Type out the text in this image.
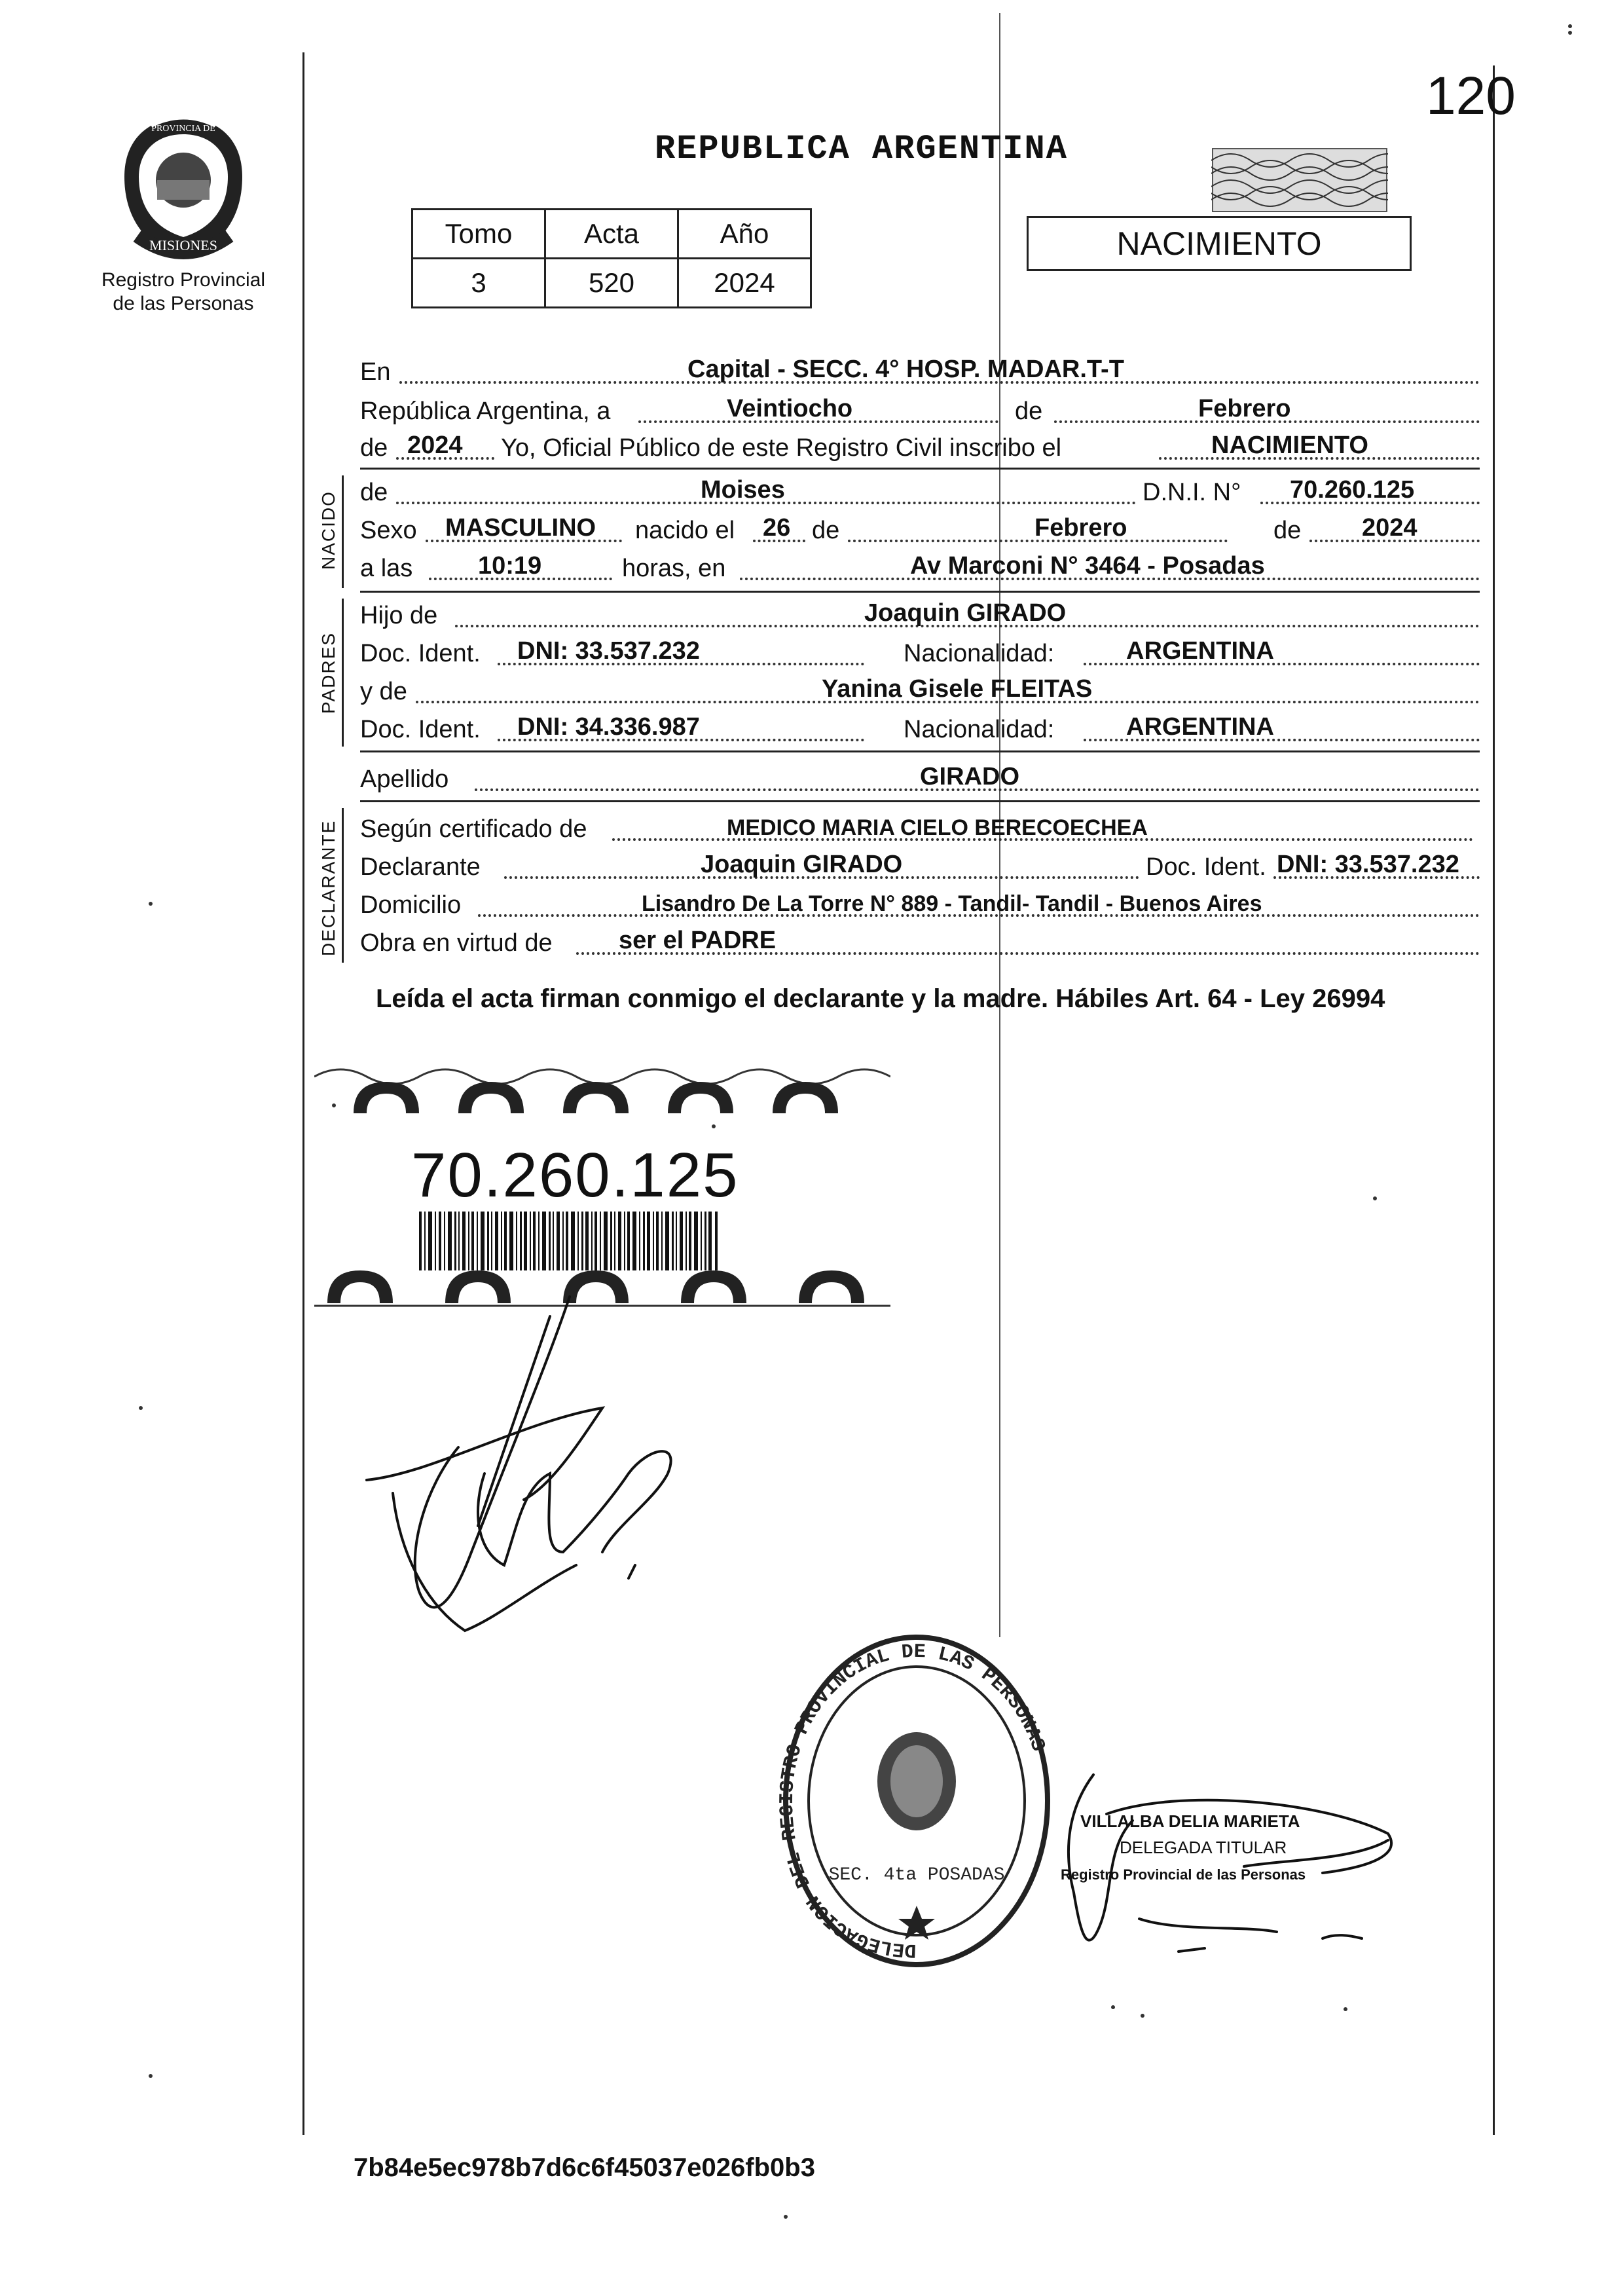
120
MISIONES
PROVINCIA DE
Registro Provincial
de las Personas
REPUBLICA ARGENTINA
Tomo	Acta	Año
3	520	2024
NACIMIENTO
En	Capital - SECC. 4° HOSP. MADAR.T-T
República Argentina, a	Veintiocho	de	Febrero
de 2024 Yo, Oficial Público de este Registro Civil inscribo el	NACIMIENTO
NACIDO de	Moises	D.N.I. N° 70.260.125
Sexo MASCULINO nacido el 26 de	Febrero	de 2024
a las	10:19	horas, en	Av Marconi N° 3464 - Posadas
PADRES
Hijo de	Joaquin GIRADO
Doc. Ident. DNI: 33.537.232	Nacionalidad:	ARGENTINA
y de	Yanina Gisele FLEITAS
Doc. Ident. DNI: 34.336.987	Nacionalidad:	ARGENTINA
Apellido	GIRADO
DECLARANTE Según certificado de	MEDICO MARIA CIELO BERECOECHEA
Declarante	Joaquin GIRADO	Doc. Ident. DNI: 33.537.232
Domicilio	Lisandro De La Torre N° 889 - Tandil- Tandil - Buenos Aires
Obra en virtud de	ser el PADRE
Leída el acta firman conmigo el declarante y la madre. Hábiles Art. 64 - Ley 26994
70.260.125
DELEGACION DEL RE TRO PROVINCIAL DE LAS PERSONAS
SEC. 4ta POSADAS
VILLALBA DELIA MARIETA
DELEGADA TITULAR
Registro Provincial de las Personas
7b84e5ec978b7d6c6f45037e026fb0b3
